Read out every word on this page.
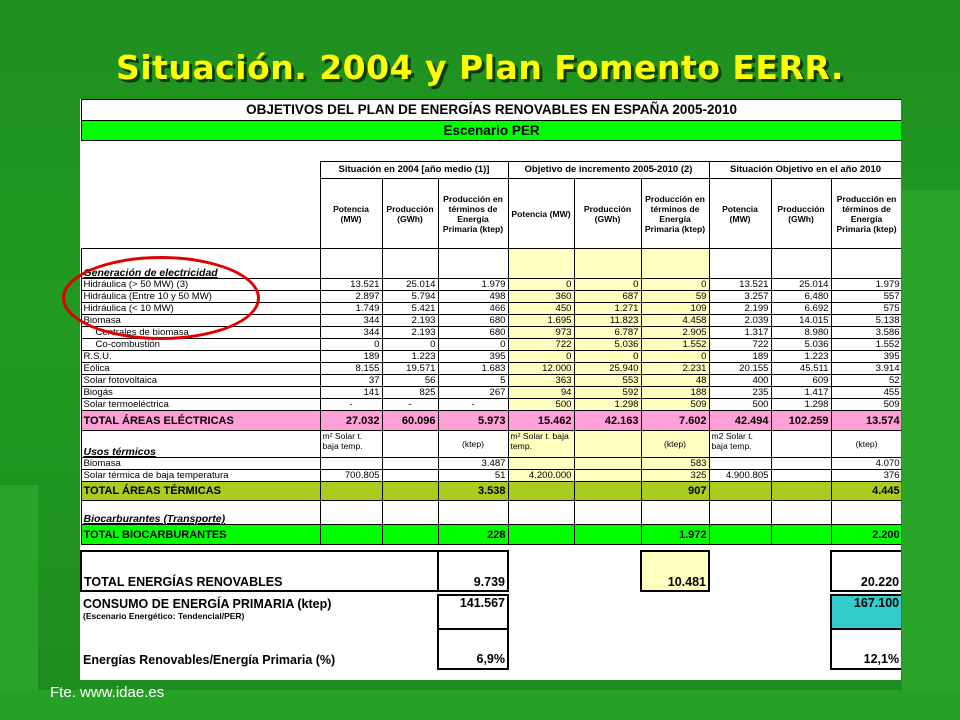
Situación. 2004 y Plan Fomento EERR.
OBJETIVOS DEL PLAN DE ENERGÍAS RENOVABLES EN ESPAÑA 2005-2010									
Escenario PER									

	Situación en 2004 [año medio (1)]			Objetivo de incremento 2005-2010 (2)			Situación Objetivo en el año 2010		
	Potencia (MW)	Producción (GWh)	Producción en términos de Energía Primaria (ktep)	Potencia (MW)	Producción (GWh)	Producción en términos de Energía Primaria (ktep)	Potencia (MW)	Producción (GWh)	Producción en términos de Energía Primaria (ktep)
Generación de electricidad									
Hidráulica (> 50 MW) (3)	13.521	25.014	1.979	0	0	0	13.521	25.014	1.979
Hidráulica (Entre 10 y 50 MW)	2.897	5.794	498	360	687	59	3.257	6.480	557
Hidráulica (< 10 MW)	1.749	5.421	466	450	1.271	109	2.199	6.692	575
Biomasa	344	2.193	680	1.695	11.823	4.458	2.039	14.015	5.138
Centrales de biomasa	344	2.193	680	973	6.787	2.905	1.317	8.980	3.586
Co-combustión	0	0	0	722	5.036	1.552	722	5.036	1.552
R.S.U.	189	1.223	395	0	0	0	189	1.223	395
Eólica	8.155	19.571	1.683	12.000	25.940	2.231	20.155	45.511	3.914
Solar fotovoltaica	37	56	5	363	553	48	400	609	52
Biogás	141	825	267	94	592	188	235	1.417	455
Solar termoeléctrica	-	-	-	500	1.298	509	500	1.298	509
TOTAL ÁREAS ELÉCTRICAS	27.032	60.096	5.973	15.462	42.163	7.602	42.494	102.259	13.574
Usos térmicos	m² Solar t. baja temp.		(ktep)	m² Solar t. baja temp.		(ktep)	m2 Solar t. baja temp.		(ktep)
Biomasa			3.487			583			4.070
Solar térmica de baja temperatura	700.805		51	4.200.000		325	4.900.805		376
TOTAL ÁREAS TÉRMICAS			3.538			907			4.445
Biocarburantes (Transporte)									
TOTAL BIOCARBURANTES			228			1.972			2.200

TOTAL ENERGÍAS RENOVABLES			9.739			10.481			20.220

CONSUMO DE ENERGÍA PRIMARIA (ktep)
(Escenario Energético: Tendencial/PER)			141.567						167.100
Energías Renovables/Energía Primaria (%)			6,9%						12,1%
Fte. www.idae.es
